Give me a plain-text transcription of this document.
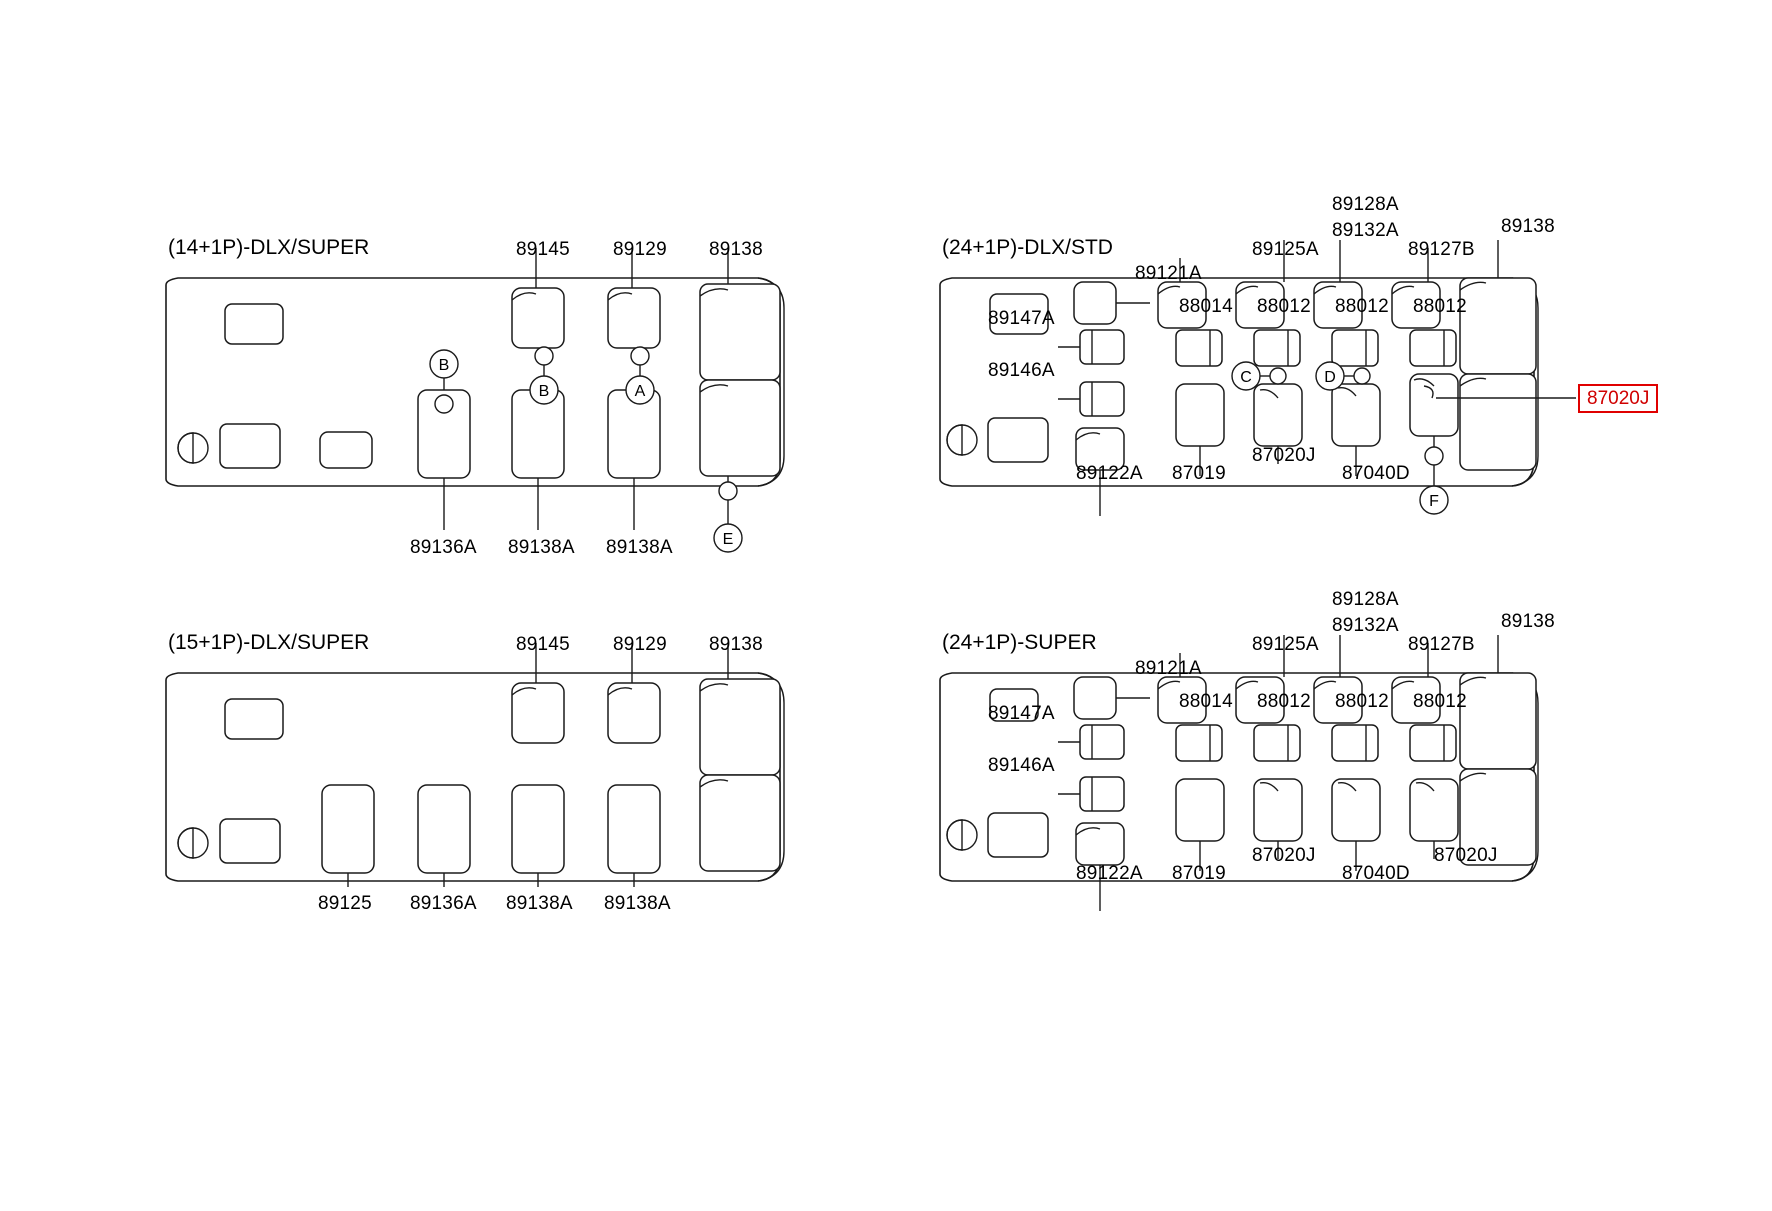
(14+1P)-DLX/SUPER	89145 89129 89138
89136A 89138A 89138A
B
B	A
E
(24+1P)-DLX/STD
89128A
89132A
89125A	89127B
89138
89121A
89147A
89146A
88014 88012 88012 88012
89122A 87019
87020J
87040D
87020J
C	D
F
(15+1P)-DLX/SUPER	89145 89129 89138
89125 89136A 89138A 89138A
(24+1P)-SUPER
89128A
89132A
89125A	89127B
89138
89121A
89147A
89146A
88014 88012 88012 88012
89122A 87019
87020J
87040D
87020J
